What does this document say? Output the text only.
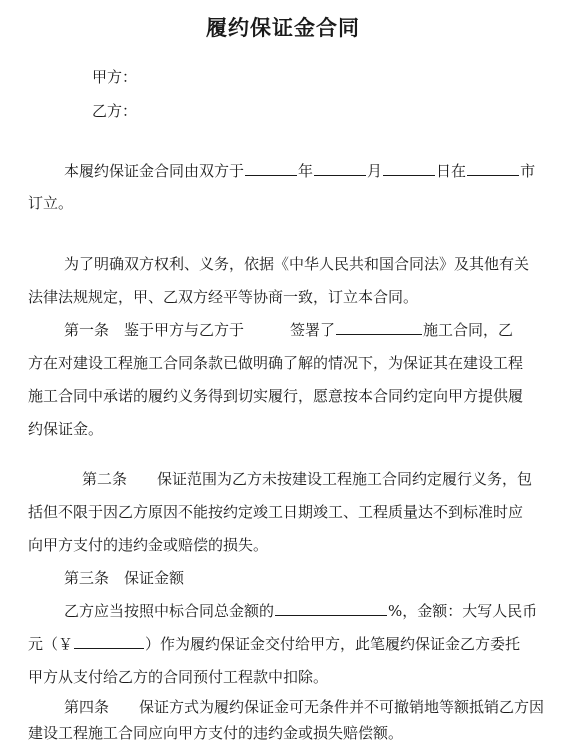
履约保证金合同
甲方：
乙方：
本履约保证金合同由双方于	年	月	日在	市
订立。
为了明确双方权利、义务，依据《中华人民共和国合同法》及其他有关
法律法规规定，甲、乙双方经平等协商一致，订立本合同。
第一条　鉴于甲方与乙方于	签署了	施工合同，乙
方在对建设工程施工合同条款已做明确了解的情况下，为保证其在建设工程
施工合同中承诺的履约义务得到切实履行，愿意按本合同约定向甲方提供履
约保证金。
第二条　　保证范围为乙方未按建设工程施工合同约定履行义务，包
括但不限于因乙方原因不能按约定竣工日期竣工、工程质量达不到标准时应
向甲方支付的违约金或赔偿的损失。
第三条　保证金额
乙方应当按照中标合同总金额的	%，金额：大写人民币
元（￥	）作为履约保证金交付给甲方，此笔履约保证金乙方委托
甲方从支付给乙方的合同预付工程款中扣除。
第四条　　保证方式为履约保证金可无条件并不可撤销地等额抵销乙方因
建设工程施工合同应向甲方支付的违约金或损失赔偿额。
